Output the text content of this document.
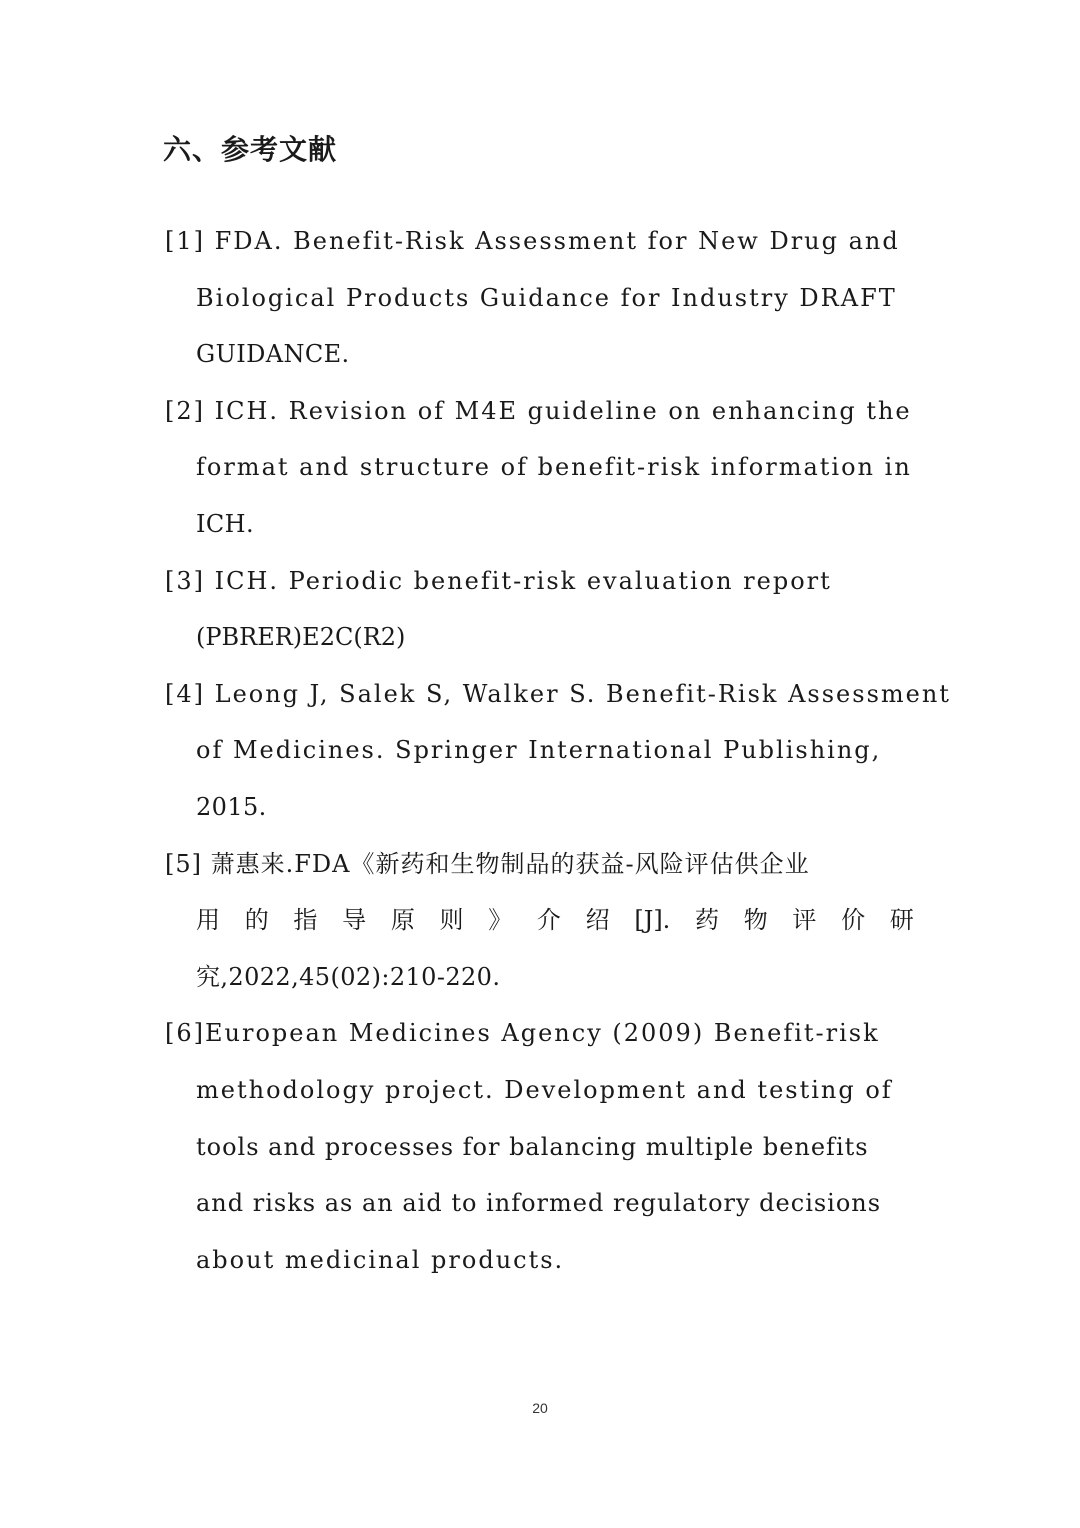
六、参考文献
[1] FDA. Benefit-Risk Assessment for New Drug and
Biological Products Guidance for Industry DRAFT
GUIDANCE.
[2] ICH. Revision of M4E guideline on enhancing the
format and structure of benefit-risk information in
ICH.
[3] ICH. Periodic benefit-risk evaluation report
(PBRER)E2C(R2)
[4] Leong J, Salek S, Walker S. Benefit-Risk Assessment
of Medicines. Springer International Publishing,
2015.
[5] 萧惠来.FDA《新药和生物制品的获益-风险评估供企业
用 的 指 导 原 则 》 介 绍 [J]. 药 物 评 价 研
究,2022,45(02):210-220.
[6]European Medicines Agency (2009) Benefit-risk
methodology project. Development and testing of
tools and processes for balancing multiple benefits
and risks as an aid to informed regulatory decisions
about medicinal products.
20
